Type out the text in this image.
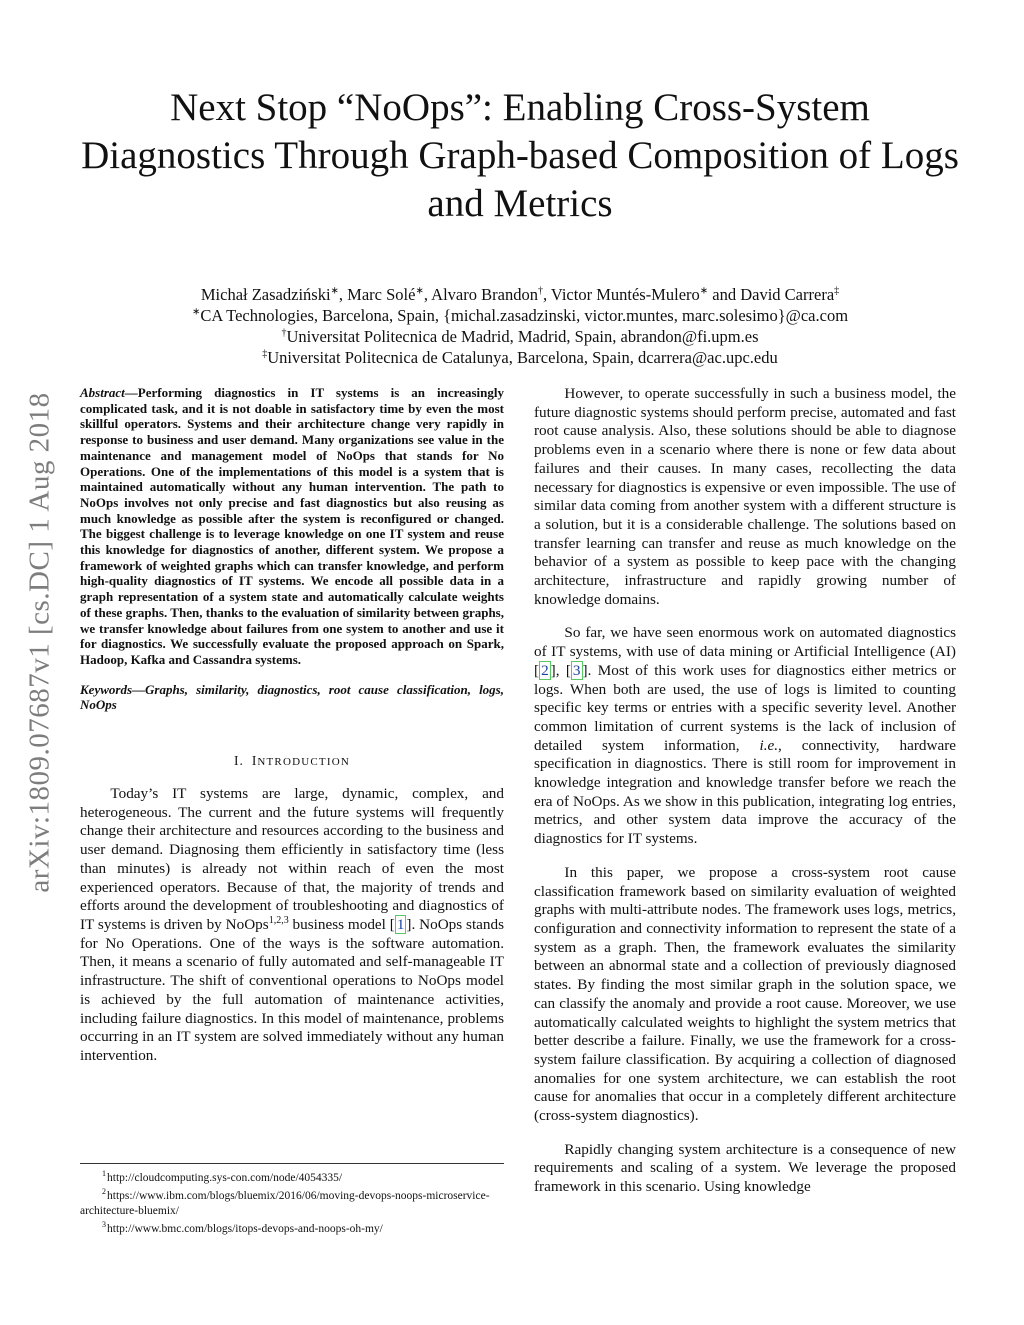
arXiv:1809.07687v1 [cs.DC] 1 Aug 2018
Next Stop “NoOps”: Enabling Cross-System Diagnostics Through Graph-based Composition of Logs and Metrics
Michał Zasadziński∗, Marc Solé∗, Alvaro Brandon†, Victor Muntés-Mulero∗ and David Carrera‡
∗CA Technologies, Barcelona, Spain, {michal.zasadzinski, victor.muntes, marc.solesimo}@ca.com
†Universitat Politecnica de Madrid, Madrid, Spain, abrandon@fi.upm.es
‡Universitat Politecnica de Catalunya, Barcelona, Spain, dcarrera@ac.upc.edu

Abstract—Performing diagnostics in IT systems is an increasingly complicated task, and it is not doable in satisfactory time by even the most skillful operators. Systems and their architecture change very rapidly in response to business and user demand. Many organizations see value in the maintenance and management model of NoOps that stands for No Operations. One of the implementations of this model is a system that is maintained automatically without any human intervention. The path to NoOps involves not only precise and fast diagnostics but also reusing as much knowledge as possible after the system is reconfigured or changed. The biggest challenge is to leverage knowledge on one IT system and reuse this knowledge for diagnostics of another, different system. We propose a framework of weighted graphs which can transfer knowledge, and perform high-quality diagnostics of IT systems. We encode all possible data in a graph representation of a system state and automatically calculate weights of these graphs. Then, thanks to the evaluation of similarity between graphs, we transfer knowledge about failures from one system to another and use it for diagnostics. We successfully evaluate the proposed approach on Spark, Hadoop, Kafka and Cassandra systems.

Keywords—Graphs, similarity, diagnostics, root cause classification, logs, NoOps

I. INTRODUCTION

Today’s IT systems are large, dynamic, complex, and heterogeneous. The current and the future systems will frequently change their architecture and resources according to the business and user demand. Diagnosing them efficiently in satisfactory time (less than minutes) is already not within reach of even the most experienced operators. Because of that, the majority of trends and efforts around the development of troubleshooting and diagnostics of IT systems is driven by NoOps$^{1,2,3}$ business model [ 1 ]. NoOps stands for No Operations. One of the ways is the software automation. Then, it means a scenario of fully automated and self-manageable IT infrastructure. The shift of conventional operations to NoOps model is achieved by the full automation of maintenance activities, including failure diagnostics. In this model of maintenance, problems occurring in an IT system are solved immediately without any human intervention.

$^1$http://cloudcomputing.sys-con.com/node/4054335/

$^2$https://www.ibm.com/blogs/bluemix/2016/06/moving-devops-noops-microservice-architecture-bluemix/

$^3$http://www.bmc.com/blogs/itops-devops-and-noops-oh-my/

However, to operate successfully in such a business model, the future diagnostic systems should perform precise, automated and fast root cause analysis. Also, these solutions should be able to diagnose problems even in a scenario where there is none or few data about failures and their causes. In many cases, recollecting the data necessary for diagnostics is expensive or even impossible. The use of similar data coming from another system with a different structure is a solution, but it is a considerable challenge. The solutions based on transfer learning can transfer and reuse as much knowledge on the behavior of a system as possible to keep pace with the changing architecture, infrastructure and rapidly growing number of knowledge domains.

So far, we have seen enormous work on automated diagnostics of IT systems, with use of data mining or Artificial Intelligence (AI) [ 2 ], [ 3 ]. Most of this work uses for diagnostics either metrics or logs. When both are used, the use of logs is limited to counting specific key terms or entries with a specific severity level. Another common limitation of current systems is the lack of inclusion of detailed system information, i.e., connectivity, hardware specification in diagnostics. There is still room for improvement in knowledge integration and knowledge transfer before we reach the era of NoOps. As we show in this publication, integrating log entries, metrics, and other system data improve the accuracy of the diagnostics for IT systems.

In this paper, we propose a cross-system root cause classification framework based on similarity evaluation of weighted graphs with multi-attribute nodes. The framework uses logs, metrics, configuration and connectivity information to represent the state of a system as a graph. Then, the framework evaluates the similarity between an abnormal state and a collection of previously diagnosed states. By finding the most similar graph in the solution space, we can classify the anomaly and provide a root cause. Moreover, we use automatically calculated weights to highlight the system metrics that better describe a failure. Finally, we use the framework for a cross-system failure classification. By acquiring a collection of diagnosed anomalies for one system architecture, we can establish the root cause for anomalies that occur in a completely different architecture (cross-system diagnostics).

Rapidly changing system architecture is a consequence of new requirements and scaling of a system. We leverage the proposed framework in this scenario. Using knowledge
